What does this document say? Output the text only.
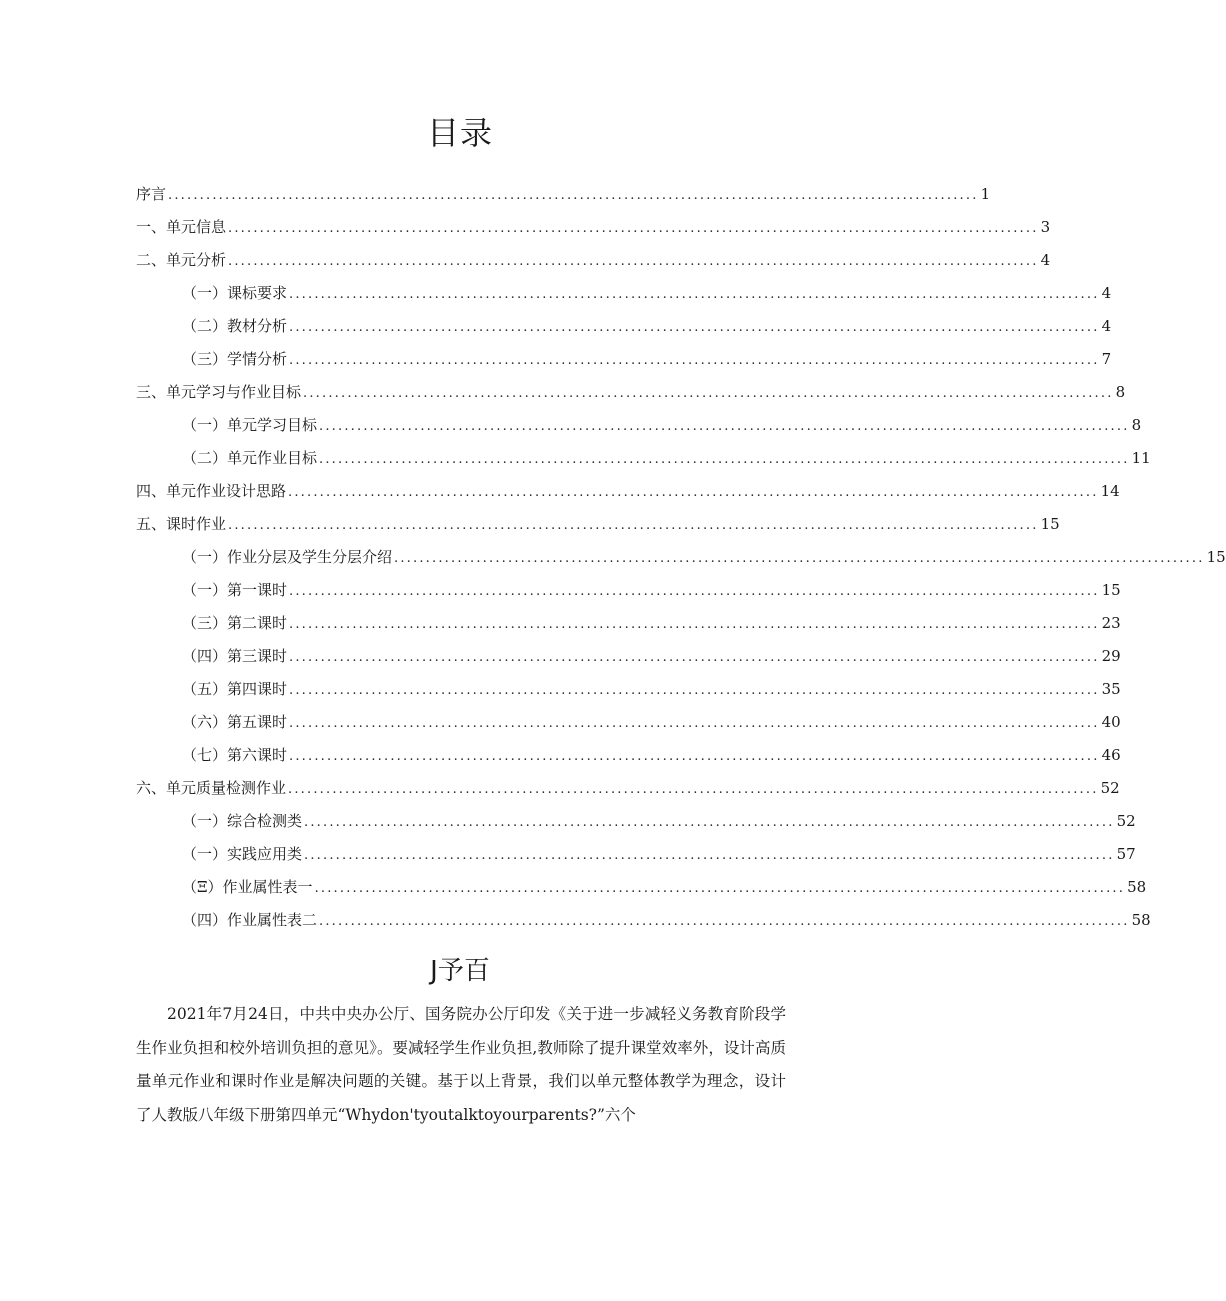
目录
序言 ................................................................................................................................ 1
一、单元信息 ................................................................................................................................ 3
二、单元分析 ................................................................................................................................ 4
（一）课标要求 ................................................................................................................................ 4
（二）教材分析 ................................................................................................................................ 4
（三）学情分析 ................................................................................................................................ 7
三、单元学习与作业目标 ................................................................................................................................ 8
（一）单元学习目标 ................................................................................................................................ 8
（二）单元作业目标 ................................................................................................................................ 11
四、单元作业设计思路 ................................................................................................................................ 14
五、课时作业 ................................................................................................................................ 15
（一）作业分层及学生分层介绍 ................................................................................................................................ 15
（一）第一课时 ................................................................................................................................ 15
（三）第二课时 ................................................................................................................................ 23
（四）第三课时 ................................................................................................................................ 29
（五）第四课时 ................................................................................................................................ 35
（六）第五课时 ................................................................................................................................ 40
（七）第六课时 ................................................................................................................................ 46
六、单元质量检测作业 ................................................................................................................................ 52
（一）综合检测类 ................................................................................................................................ 52
（一）实践应用类 ................................................................................................................................ 57
（Ξ）作业属性表一 ................................................................................................................................ 58
（四）作业属性表二 ................................................................................................................................ 58
J予百

2021年7月24日，中共中央办公厅、国务院办公厅印发《关于进一步减轻义务教育阶段学生作业负担和校外培训负担的意见》。要减轻学生作业负担,教师除了提升课堂效率外，设计高质量单元作业和课时作业是解决问题的关键。基于以上背景，我们以单元整体教学为理念，设计了人教版八年级下册第四单元“Whydon'tyoutalktoyourparents?”六个
